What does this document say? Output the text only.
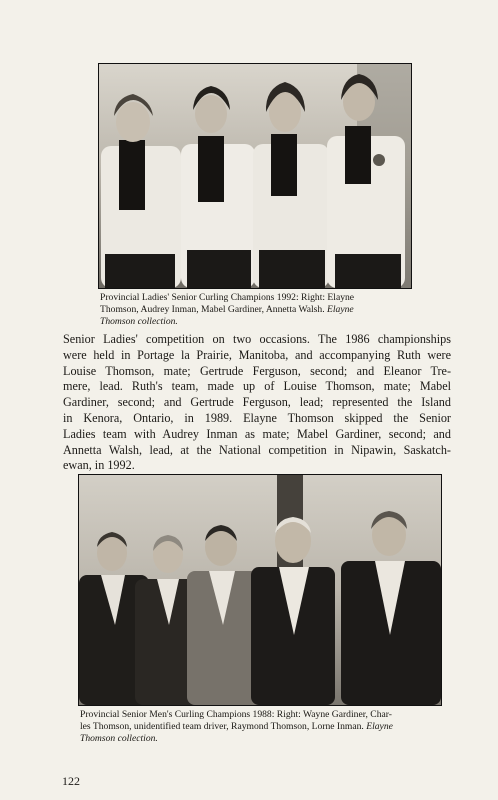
Provincial Ladies' Senior Curling Champions 1992: Right: Elayne
Thomson, Audrey Inman, Mabel Gardiner, Annetta Walsh. Elayne
Thomson collection.
Senior Ladies' competition on two occasions. The 1986 championships
were held in Portage la Prairie, Manitoba, and accompanying Ruth were
Louise Thomson, mate; Gertrude Ferguson, second; and Eleanor Tre-
mere, lead. Ruth's team, made up of Louise Thomson, mate; Mabel
Gardiner, second; and Gertrude Ferguson, lead; represented the Island
in Kenora, Ontario, in 1989. Elayne Thomson skipped the Senior
Ladies team with Audrey Inman as mate; Mabel Gardiner, second; and
Annetta Walsh, lead, at the National competition in Nipawin, Saskatch-
ewan, in 1992.
Provincial Senior Men's Curling Champions 1988: Right: Wayne Gardiner, Char-
les Thomson, unidentified team driver, Raymond Thomson, Lorne Inman. Elayne
Thomson collection.
122
